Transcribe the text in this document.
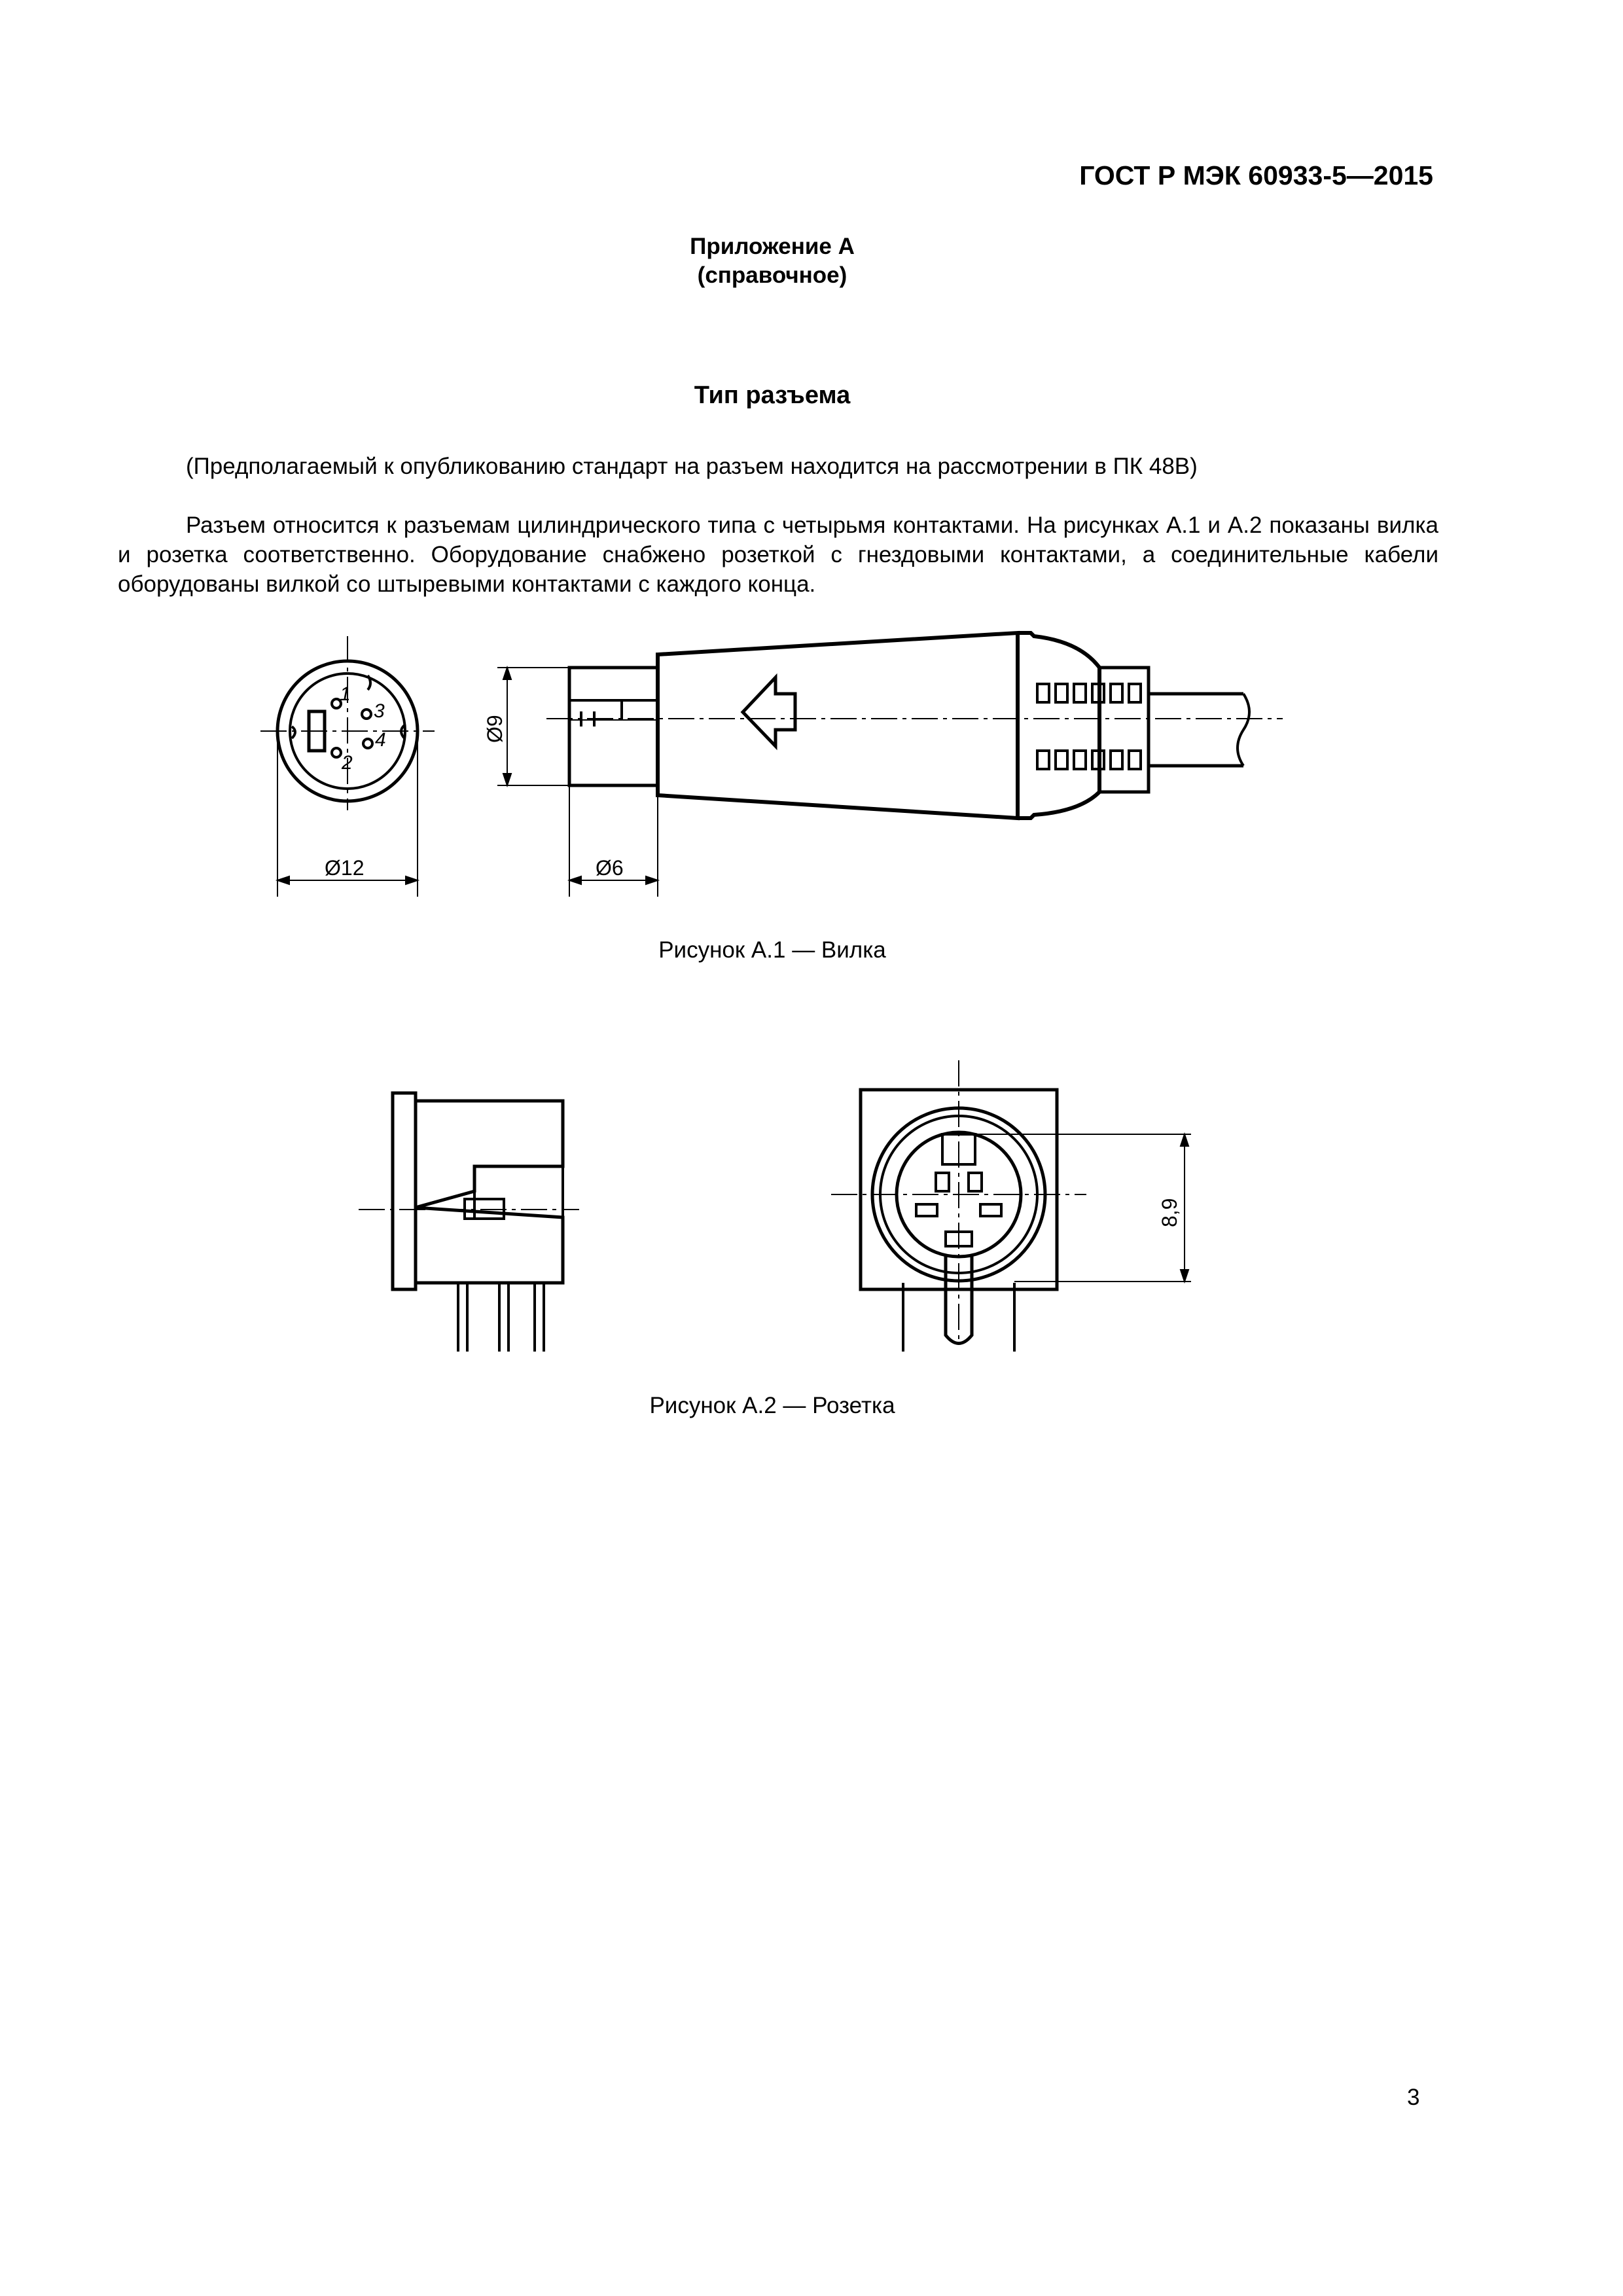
ГОСТ Р МЭК 60933-5—2015
Приложение А
(справочное)
Тип разъема
(Предполагаемый к опубликованию стандарт на разъем находится на рассмотрении в ПК 48В)
Разъем относится к разъемам цилиндрического типа с четырьмя контактами. На рисунках А.1 и А.2 показаны вилка и розетка соответственно. Оборудование снабжено розеткой с гнездовыми контактами, а соединительные кабели оборудованы вилкой со штыревыми контактами с каждого конца.
1
3
4
2
Ø12
Ø9
Ø6
Рисунок А.1 — Вилка
8,9
Рисунок А.2 — Розетка
3
